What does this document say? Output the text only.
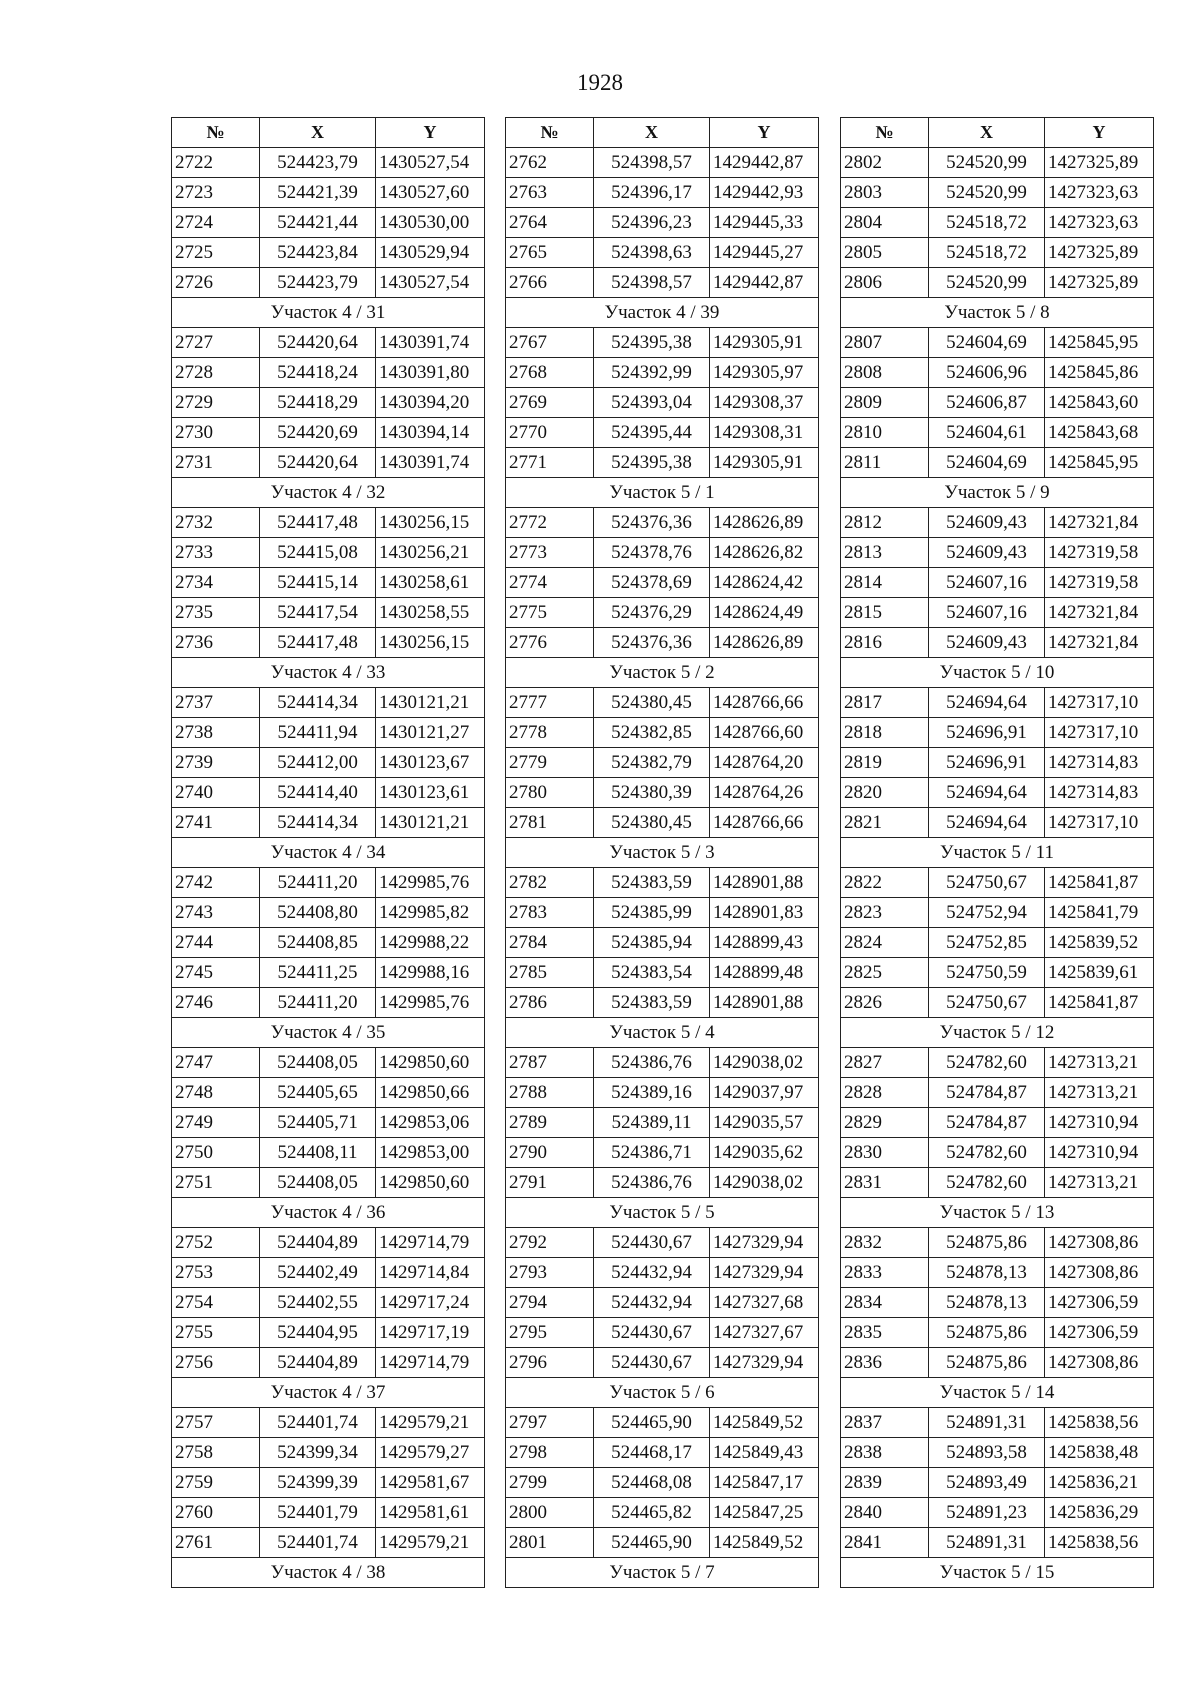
1928
№	X	Y
2722	524423,79	1430527,54
2723	524421,39	1430527,60
2724	524421,44	1430530,00
2725	524423,84	1430529,94
2726	524423,79	1430527,54
Участок 4 / 31		
2727	524420,64	1430391,74
2728	524418,24	1430391,80
2729	524418,29	1430394,20
2730	524420,69	1430394,14
2731	524420,64	1430391,74
Участок 4 / 32		
2732	524417,48	1430256,15
2733	524415,08	1430256,21
2734	524415,14	1430258,61
2735	524417,54	1430258,55
2736	524417,48	1430256,15
Участок 4 / 33		
2737	524414,34	1430121,21
2738	524411,94	1430121,27
2739	524412,00	1430123,67
2740	524414,40	1430123,61
2741	524414,34	1430121,21
Участок 4 / 34		
2742	524411,20	1429985,76
2743	524408,80	1429985,82
2744	524408,85	1429988,22
2745	524411,25	1429988,16
2746	524411,20	1429985,76
Участок 4 / 35		
2747	524408,05	1429850,60
2748	524405,65	1429850,66
2749	524405,71	1429853,06
2750	524408,11	1429853,00
2751	524408,05	1429850,60
Участок 4 / 36		
2752	524404,89	1429714,79
2753	524402,49	1429714,84
2754	524402,55	1429717,24
2755	524404,95	1429717,19
2756	524404,89	1429714,79
Участок 4 / 37		
2757	524401,74	1429579,21
2758	524399,34	1429579,27
2759	524399,39	1429581,67
2760	524401,79	1429581,61
2761	524401,74	1429579,21
Участок 4 / 38		
№	X	Y
2762	524398,57	1429442,87
2763	524396,17	1429442,93
2764	524396,23	1429445,33
2765	524398,63	1429445,27
2766	524398,57	1429442,87
Участок 4 / 39		
2767	524395,38	1429305,91
2768	524392,99	1429305,97
2769	524393,04	1429308,37
2770	524395,44	1429308,31
2771	524395,38	1429305,91
Участок 5 / 1		
2772	524376,36	1428626,89
2773	524378,76	1428626,82
2774	524378,69	1428624,42
2775	524376,29	1428624,49
2776	524376,36	1428626,89
Участок 5 / 2		
2777	524380,45	1428766,66
2778	524382,85	1428766,60
2779	524382,79	1428764,20
2780	524380,39	1428764,26
2781	524380,45	1428766,66
Участок 5 / 3		
2782	524383,59	1428901,88
2783	524385,99	1428901,83
2784	524385,94	1428899,43
2785	524383,54	1428899,48
2786	524383,59	1428901,88
Участок 5 / 4		
2787	524386,76	1429038,02
2788	524389,16	1429037,97
2789	524389,11	1429035,57
2790	524386,71	1429035,62
2791	524386,76	1429038,02
Участок 5 / 5		
2792	524430,67	1427329,94
2793	524432,94	1427329,94
2794	524432,94	1427327,68
2795	524430,67	1427327,67
2796	524430,67	1427329,94
Участок 5 / 6		
2797	524465,90	1425849,52
2798	524468,17	1425849,43
2799	524468,08	1425847,17
2800	524465,82	1425847,25
2801	524465,90	1425849,52
Участок 5 / 7		
№	X	Y
2802	524520,99	1427325,89
2803	524520,99	1427323,63
2804	524518,72	1427323,63
2805	524518,72	1427325,89
2806	524520,99	1427325,89
Участок 5 / 8		
2807	524604,69	1425845,95
2808	524606,96	1425845,86
2809	524606,87	1425843,60
2810	524604,61	1425843,68
2811	524604,69	1425845,95
Участок 5 / 9		
2812	524609,43	1427321,84
2813	524609,43	1427319,58
2814	524607,16	1427319,58
2815	524607,16	1427321,84
2816	524609,43	1427321,84
Участок 5 / 10		
2817	524694,64	1427317,10
2818	524696,91	1427317,10
2819	524696,91	1427314,83
2820	524694,64	1427314,83
2821	524694,64	1427317,10
Участок 5 / 11		
2822	524750,67	1425841,87
2823	524752,94	1425841,79
2824	524752,85	1425839,52
2825	524750,59	1425839,61
2826	524750,67	1425841,87
Участок 5 / 12		
2827	524782,60	1427313,21
2828	524784,87	1427313,21
2829	524784,87	1427310,94
2830	524782,60	1427310,94
2831	524782,60	1427313,21
Участок 5 / 13		
2832	524875,86	1427308,86
2833	524878,13	1427308,86
2834	524878,13	1427306,59
2835	524875,86	1427306,59
2836	524875,86	1427308,86
Участок 5 / 14		
2837	524891,31	1425838,56
2838	524893,58	1425838,48
2839	524893,49	1425836,21
2840	524891,23	1425836,29
2841	524891,31	1425838,56
Участок 5 / 15		
